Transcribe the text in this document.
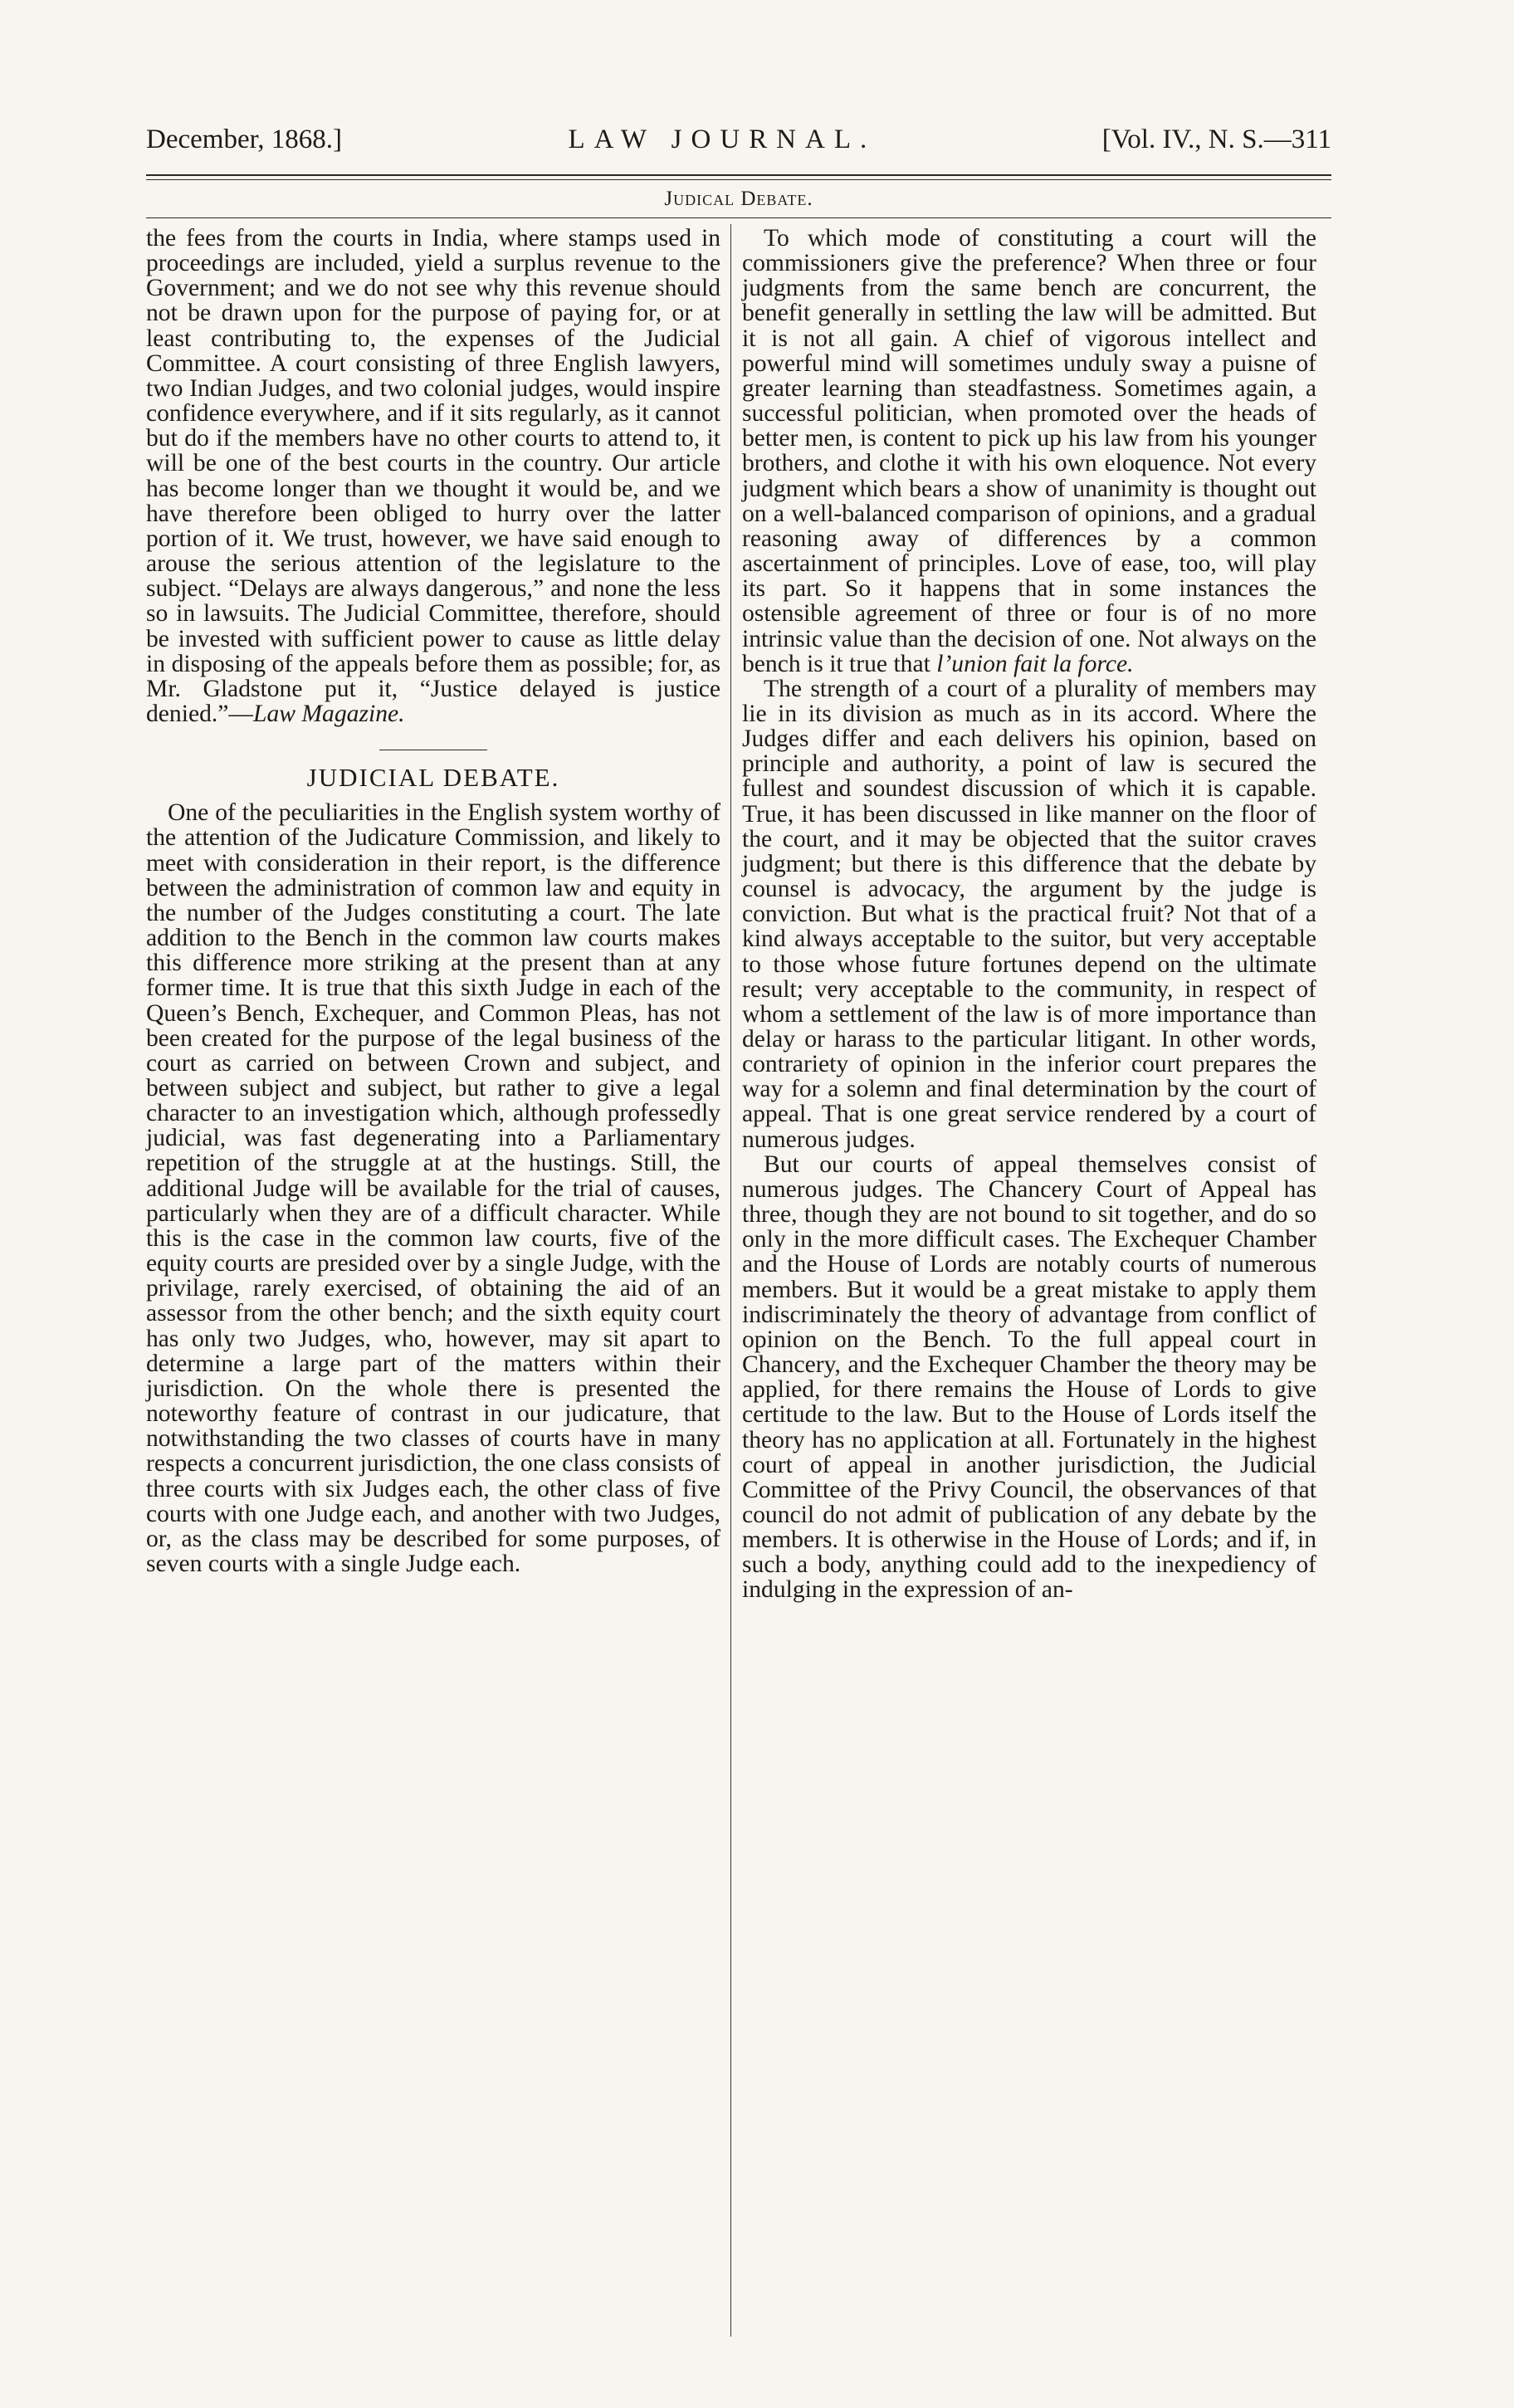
December, 1868.]	LAW JOURNAL.	[Vol. IV., N. S.—311
Judical Debate.

the fees from the courts in India, where stamps used in proceedings are included, yield a surplus revenue to the Government; and we do not see why this revenue should not be drawn upon for the purpose of paying for, or at least contributing to, the expenses of the Judicial Committee. A court consisting of three English lawyers, two Indian Judges, and two colonial judges, would inspire confidence everywhere, and if it sits regularly, as it cannot but do if the members have no other courts to attend to, it will be one of the best courts in the country. Our article has become longer than we thought it would be, and we have therefore been obliged to hurry over the latter portion of it. We trust, however, we have said enough to arouse the serious attention of the legislature to the subject. “Delays are always dangerous,” and none the less so in lawsuits. The Judicial Committee, therefore, should be invested with sufficient power to cause as little delay in disposing of the appeals before them as possible; for, as Mr. Gladstone put it, “Justice delayed is justice denied.”—Law Magazine.

JUDICIAL DEBATE.

One of the peculiarities in the English system worthy of the attention of the Judicature Commission, and likely to meet with consideration in their report, is the difference between the administration of common law and equity in the number of the Judges constituting a court. The late addition to the Bench in the common law courts makes this difference more striking at the present than at any former time. It is true that this sixth Judge in each of the Queen’s Bench, Exchequer, and Common Pleas, has not been created for the purpose of the legal business of the court as carried on between Crown and subject, and between subject and subject, but rather to give a legal character to an investigation which, although professedly judicial, was fast degenerating into a Parliamentary repetition of the struggle at at the hustings. Still, the additional Judge will be available for the trial of causes, particularly when they are of a difficult character. While this is the case in the common law courts, five of the equity courts are presided over by a single Judge, with the privilage, rarely exercised, of obtaining the aid of an assessor from the other bench; and the sixth equity court has only two Judges, who, however, may sit apart to determine a large part of the matters within their jurisdiction. On the whole there is presented the noteworthy feature of contrast in our judicature, that notwithstanding the two classes of courts have in many respects a concurrent jurisdiction, the one class consists of three courts with six Judges each, the other class of five courts with one Judge each, and another with two Judges, or, as the class may be described for some purposes, of seven courts with a single Judge each.

To which mode of constituting a court will the commissioners give the preference? When three or four judgments from the same bench are concurrent, the benefit generally in settling the law will be admitted. But it is not all gain. A chief of vigorous intellect and powerful mind will sometimes unduly sway a puisne of greater learning than steadfastness. Sometimes again, a successful politician, when promoted over the heads of better men, is content to pick up his law from his younger brothers, and clothe it with his own eloquence. Not every judgment which bears a show of unanimity is thought out on a well-balanced comparison of opinions, and a gradual reasoning away of differences by a common ascertainment of principles. Love of ease, too, will play its part. So it happens that in some instances the ostensible agreement of three or four is of no more intrinsic value than the decision of one. Not always on the bench is it true that l’union fait la force.

The strength of a court of a plurality of members may lie in its division as much as in its accord. Where the Judges differ and each delivers his opinion, based on principle and authority, a point of law is secured the fullest and soundest discussion of which it is capable. True, it has been discussed in like manner on the floor of the court, and it may be objected that the suitor craves judgment; but there is this difference that the debate by counsel is advocacy, the argument by the judge is conviction. But what is the practical fruit? Not that of a kind always acceptable to the suitor, but very acceptable to those whose future fortunes depend on the ultimate result; very acceptable to the community, in respect of whom a settlement of the law is of more importance than delay or harass to the particular litigant. In other words, contrariety of opinion in the inferior court prepares the way for a solemn and final determination by the court of appeal. That is one great service rendered by a court of numerous judges.

But our courts of appeal themselves consist of numerous judges. The Chancery Court of Appeal has three, though they are not bound to sit together, and do so only in the more difficult cases. The Exchequer Chamber and the House of Lords are notably courts of numerous members. But it would be a great mistake to apply them indiscriminately the theory of advantage from conflict of opinion on the Bench. To the full appeal court in Chancery, and the Exchequer Chamber the theory may be applied, for there remains the House of Lords to give certitude to the law. But to the House of Lords itself the theory has no application at all. Fortunately in the highest court of appeal in another jurisdiction, the Judicial Committee of the Privy Council, the observances of that council do not admit of publication of any debate by the members. It is otherwise in the House of Lords; and if, in such a body, anything could add to the inexpediency of indulging in the expression of an-
